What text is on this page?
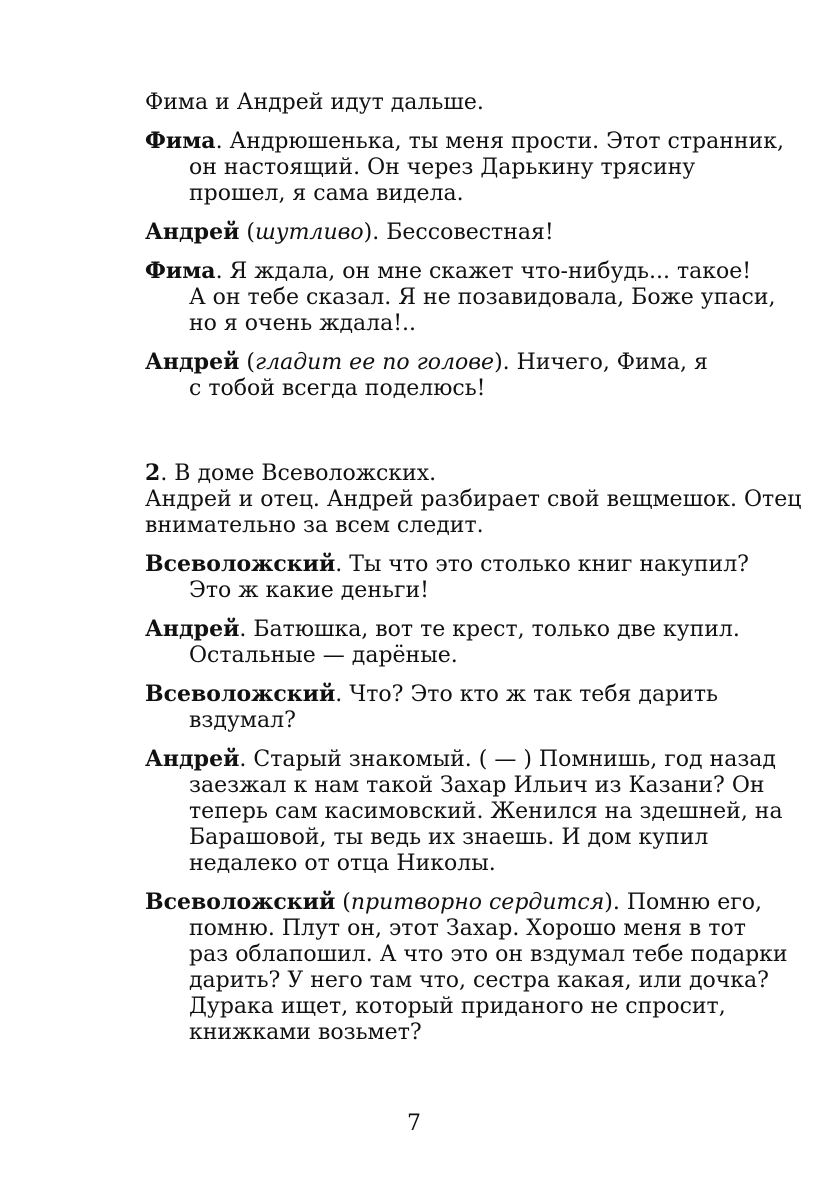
Фима и Андрей идут дальше.
Фима. Андрюшенька, ты меня прости. Этот странник,
он настоящий. Он через Дарькину трясину
прошел, я сама видела.
Андрей (шутливо). Бессовестная!
Фима. Я ждала, он мне скажет что-нибудь... такое!
А он тебе сказал. Я не позавидовала, Боже упаси,
но я очень ждала!..
Андрей (гладит ее по голове). Ничего, Фима, я
с тобой всегда поделюсь!
2. В доме Всеволожских.
Андрей и отец. Андрей разбирает свой вещмешок. Отец
внимательно за всем следит.
Всеволожский. Ты что это столько книг накупил?
Это ж какие деньги!
Андрей. Батюшка, вот те крест, только две купил.
Остальные — дарёные.
Всеволожский. Что? Это кто ж так тебя дарить
вздумал?
Андрей. Старый знакомый. ( — ) Помнишь, год назад
заезжал к нам такой Захар Ильич из Казани? Он
теперь сам касимовский. Женился на здешней, на
Барашовой, ты ведь их знаешь. И дом купил
недалеко от отца Николы.
Всеволожский (притворно сердится). Помню его,
помню. Плут он, этот Захар. Хорошо меня в тот
раз облапошил. А что это он вздумал тебе подарки
дарить? У него там что, сестра какая, или дочка?
Дурака ищет, который приданого не спросит,
книжками возьмет?
7
